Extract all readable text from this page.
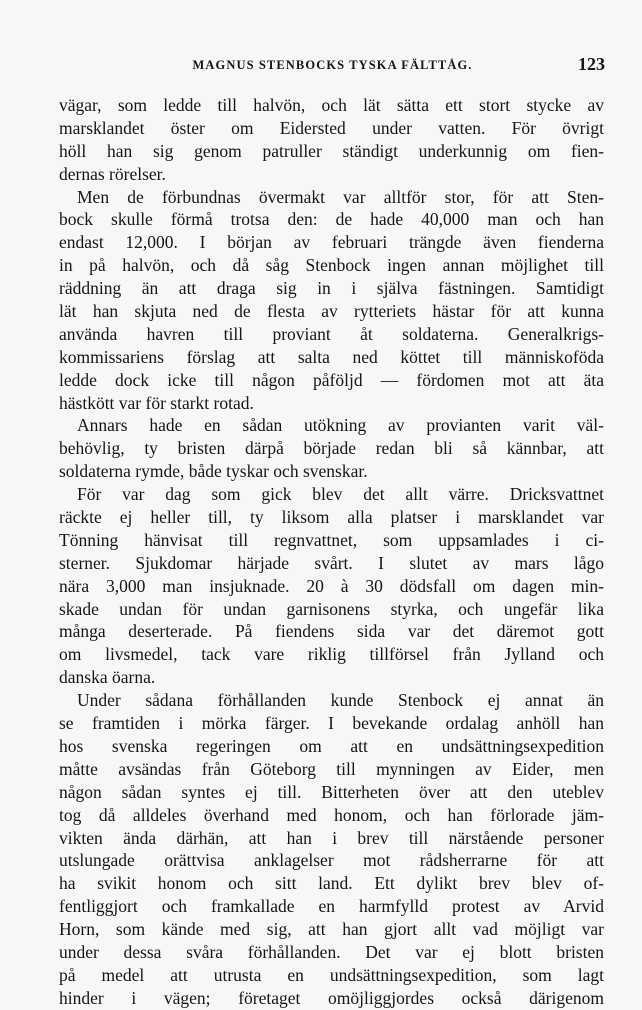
MAGNUS STENBOCKS TYSKA FÄLTTÅG.	123
vägar, som ledde till halvön, och lät sätta ett stort stycke av
marsklandet öster om Eidersted under vatten. För övrigt
höll han sig genom patruller ständigt underkunnig om fien-
dernas rörelser.
Men de förbundnas övermakt var alltför stor, för att Sten-
bock skulle förmå trotsa den: de hade 40,000 man och han
endast 12,000. I början av februari trängde även fienderna
in på halvön, och då såg Stenbock ingen annan möjlighet till
räddning än att draga sig in i själva fästningen. Samtidigt
lät han skjuta ned de flesta av rytteriets hästar för att kunna
använda havren till proviant åt soldaterna. Generalkrigs-
kommissariens förslag att salta ned köttet till människoföda
ledde dock icke till någon påföljd — fördomen mot att äta
hästkött var för starkt rotad.
Annars hade en sådan utökning av provianten varit väl-
behövlig, ty bristen därpå började redan bli så kännbar, att
soldaterna rymde, både tyskar och svenskar.
För var dag som gick blev det allt värre. Dricksvattnet
räckte ej heller till, ty liksom alla platser i marsklandet var
Tönning hänvisat till regnvattnet, som uppsamlades i ci-
sterner. Sjukdomar härjade svårt. I slutet av mars lågo
nära 3,000 man insjuknade. 20 à 30 dödsfall om dagen min-
skade undan för undan garnisonens styrka, och ungefär lika
många deserterade. På fiendens sida var det däremot gott
om livsmedel, tack vare riklig tillförsel från Jylland och
danska öarna.
Under sådana förhållanden kunde Stenbock ej annat än
se framtiden i mörka färger. I bevekande ordalag anhöll han
hos svenska regeringen om att en undsättningsexpedition
måtte avsändas från Göteborg till mynningen av Eider, men
någon sådan syntes ej till. Bitterheten över att den uteblev
tog då alldeles överhand med honom, och han förlorade jäm-
vikten ända därhän, att han i brev till närstående personer
utslungade orättvisa anklagelser mot rådsherrarne för att
ha svikit honom och sitt land. Ett dylikt brev blev of-
fentliggjort och framkallade en harmfylld protest av Arvid
Horn, som kände med sig, att han gjort allt vad möjligt var
under dessa svåra förhållanden. Det var ej blott bristen
på medel att utrusta en undsättningsexpedition, som lagt
hinder i vägen; företaget omöjliggjordes också därigenom
